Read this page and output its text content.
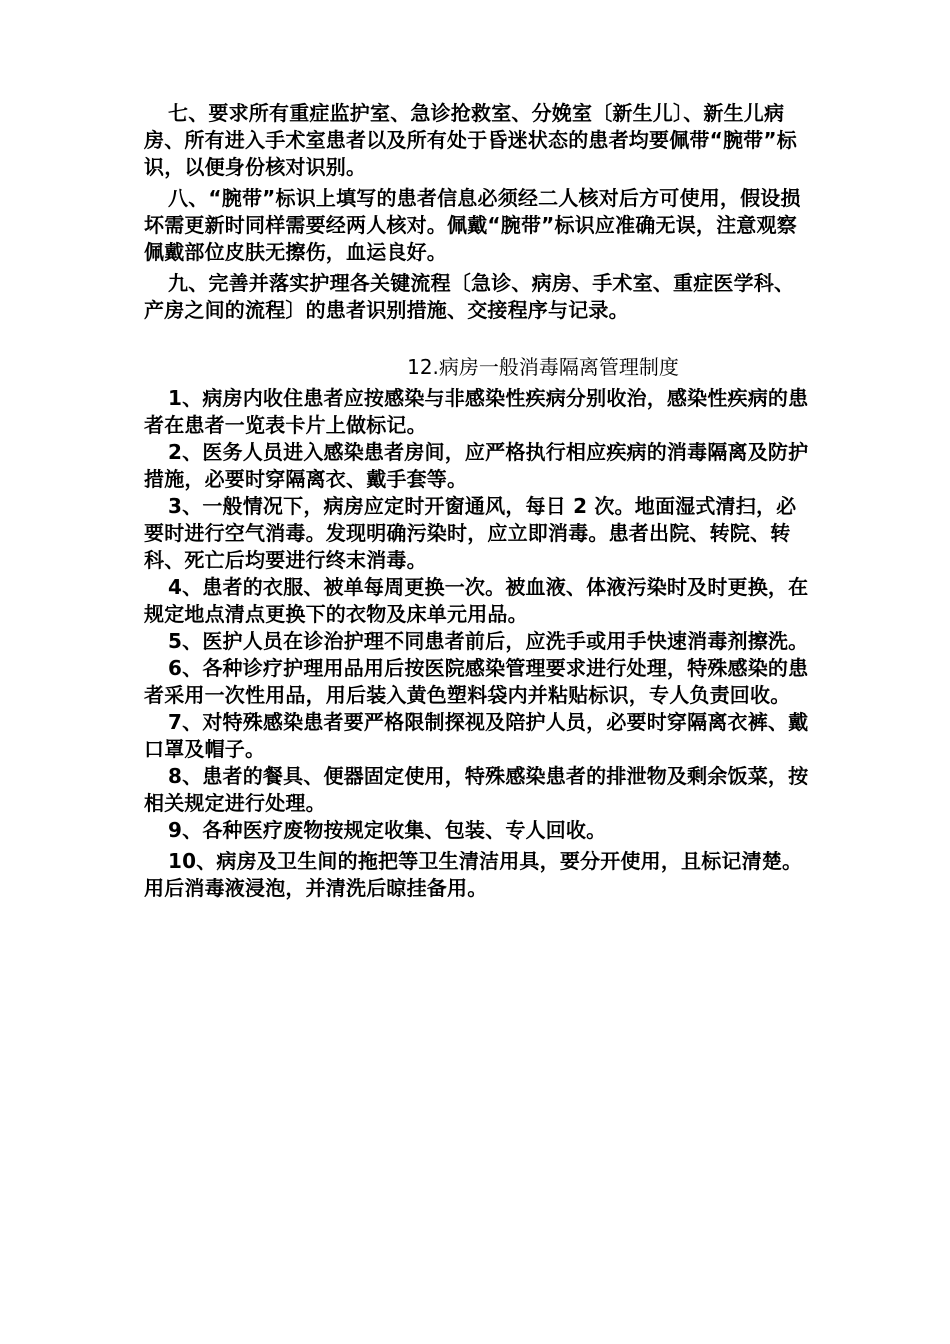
七、要求所有重症监护室、急诊抢救室、分娩室〔新生儿〕、新生儿病房、所有进入手术室患者以及所有处于昏迷状态的患者均要佩带“腕带”标识，以便身份核对识别。

八、“腕带”标识上填写的患者信息必须经二人核对后方可使用，假设损坏需更新时同样需要经两人核对。佩戴“腕带”标识应准确无误，注意观察佩戴部位皮肤无擦伤，血运良好。

九、完善并落实护理各关键流程〔急诊、病房、手术室、重症医学科、产房之间的流程〕的患者识别措施、交接程序与记录。

12.病房一般消毒隔离管理制度

1、病房内收住患者应按感染与非感染性疾病分别收治，感染性疾病的患者在患者一览表卡片上做标记。

2、医务人员进入感染患者房间，应严格执行相应疾病的消毒隔离及防护措施，必要时穿隔离衣、戴手套等。

3、一般情况下，病房应定时开窗通风，每日 2 次。地面湿式清扫，必要时进行空气消毒。发现明确污染时，应立即消毒。患者出院、转院、转科、死亡后均要进行终末消毒。

4、患者的衣服、被单每周更换一次。被血液、体液污染时及时更换，在规定地点清点更换下的衣物及床单元用品。

5、医护人员在诊治护理不同患者前后，应洗手或用手快速消毒剂擦洗。

6、各种诊疗护理用品用后按医院感染管理要求进行处理，特殊感染的患者采用一次性用品，用后装入黄色塑料袋内并粘贴标识，专人负责回收。

7、对特殊感染患者要严格限制探视及陪护人员，必要时穿隔离衣裤、戴口罩及帽子。

8、患者的餐具、便器固定使用，特殊感染患者的排泄物及剩余饭菜，按相关规定进行处理。

9、各种医疗废物按规定收集、包装、专人回收。

10、病房及卫生间的拖把等卫生清洁用具，要分开使用，且标记清楚。用后消毒液浸泡，并清洗后晾挂备用。
